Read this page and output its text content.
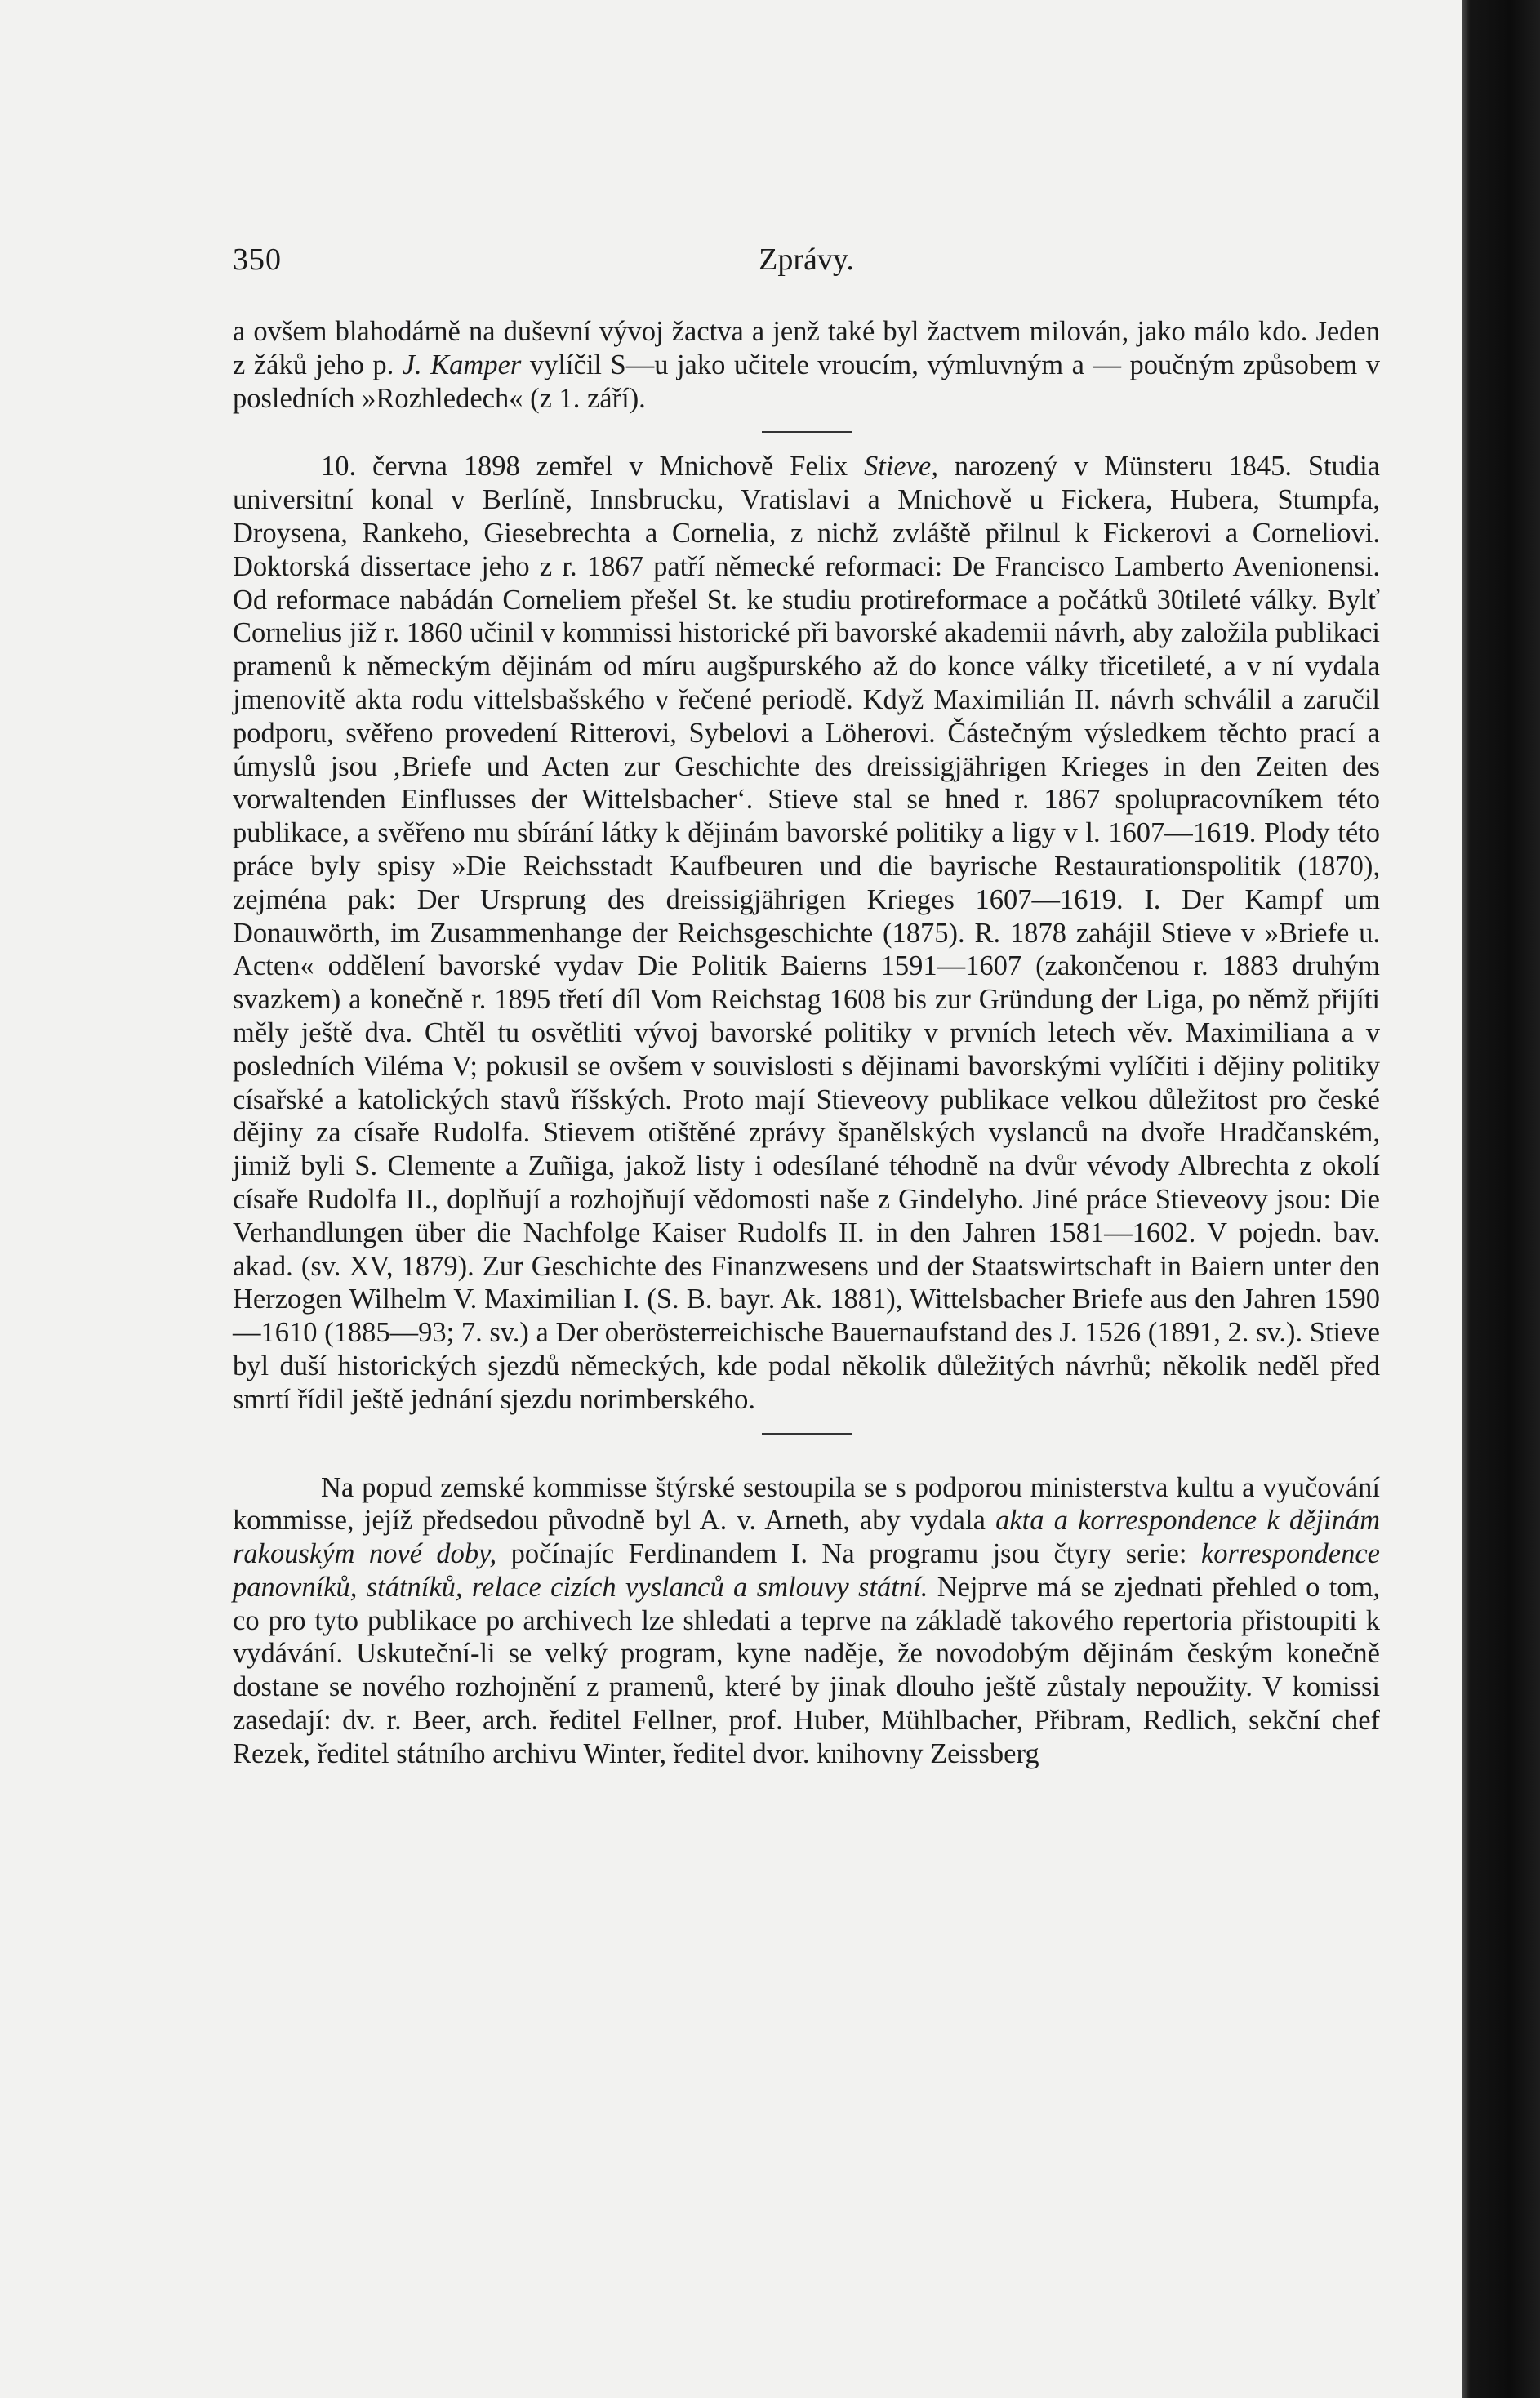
350	Zprávy.

a ovšem blahodárně na duševní vývoj žactva a jenž také byl žactvem milován, jako málo kdo. Jeden z žáků jeho p. J. Kamper vylíčil S—u jako učitele vroucím, výmluvným a — poučným způsobem v posledních »Rozhledech« (z 1. září).

10. června 1898 zemřel v Mnichově Felix Stieve, narozený v Münsteru 1845. Studia universitní konal v Berlíně, Innsbrucku, Vratislavi a Mnichově u Fickera, Hubera, Stumpfa, Droysena, Rankeho, Giesebrechta a Cornelia, z nichž zvláště přilnul k Fickerovi a Corneliovi. Doktorská dissertace jeho z r. 1867 patří německé reformaci: De Francisco Lamberto Avenionensi. Od reformace nabádán Corneliem přešel St. ke studiu protireformace a počátků 30tileté války. Bylť Cornelius již r. 1860 učinil v kommissi historické při bavorské akademii návrh, aby založila publikaci pramenů k německým dějinám od míru augšpurského až do konce války třicetileté, a v ní vydala jmenovitě akta rodu vittelsbašského v řečené periodě. Když Maximilián II. návrh schválil a zaručil podporu, svěřeno provedení Ritterovi, Sybelovi a Löherovi. Částečným výsledkem těchto prací a úmyslů jsou ‚Briefe und Acten zur Geschichte des dreissigjährigen Krieges in den Zeiten des vorwaltenden Einflusses der Wittelsbacher‘. Stieve stal se hned r. 1867 spolupracovníkem této publikace, a svěřeno mu sbírání látky k dějinám bavorské politiky a ligy v l. 1607—1619. Plody této práce byly spisy »Die Reichsstadt Kaufbeuren und die bayrische Restaurationspolitik (1870), zejména pak: Der Ursprung des dreissigjährigen Krieges 1607—1619. I. Der Kampf um Donauwörth, im Zusammenhange der Reichsgeschichte (1875). R. 1878 zahájil Stieve v »Briefe u. Acten« oddělení bavorské vydav Die Politik Baierns 1591—1607 (zakončenou r. 1883 druhým svazkem) a konečně r. 1895 třetí díl Vom Reichstag 1608 bis zur Gründung der Liga, po němž přijíti měly ještě dva. Chtěl tu osvětliti vývoj bavorské politiky v prvních letech věv. Maximiliana a v posledních Viléma V; pokusil se ovšem v souvislosti s dějinami bavorskými vylíčiti i dějiny politiky císařské a katolických stavů říšských. Proto mají Stieveovy publikace velkou důležitost pro české dějiny za císaře Rudolfa. Stievem otištěné zprávy španělských vyslanců na dvoře Hradčanském, jimiž byli S. Clemente a Zuñiga, jakož listy i odesílané téhodně na dvůr vévody Albrechta z okolí císaře Rudolfa II., doplňují a rozhojňují vědomosti naše z Gindelyho. Jiné práce Stieveovy jsou: Die Verhandlungen über die Nachfolge Kaiser Rudolfs II. in den Jahren 1581—1602. V pojedn. bav. akad. (sv. XV, 1879). Zur Geschichte des Finanzwesens und der Staatswirtschaft in Baiern unter den Herzogen Wilhelm V. Maximilian I. (S. B. bayr. Ak. 1881), Wittelsbacher Briefe aus den Jahren 1590—1610 (1885—93; 7. sv.) a Der oberösterreichische Bauernaufstand des J. 1526 (1891, 2. sv.). Stieve byl duší historických sjezdů německých, kde podal několik důležitých návrhů; několik neděl před smrtí řídil ještě jednání sjezdu norimberského.

Na popud zemské kommisse štýrské sestoupila se s podporou ministerstva kultu a vyučování kommisse, jejíž předsedou původně byl A. v. Arneth, aby vydala akta a korrespondence k dějinám rakouským nové doby, počínajíc Ferdinandem I. Na programu jsou čtyry serie: korrespondence panovníků, státníků, relace cizích vyslanců a smlouvy státní. Nejprve má se zjednati přehled o tom, co pro tyto publikace po archivech lze shledati a teprve na základě takového repertoria přistoupiti k vydávání. Uskuteční-li se velký program, kyne naděje, že novodobým dějinám českým konečně dostane se nového rozhojnění z pramenů, které by jinak dlouho ještě zůstaly nepoužity. V komissi zasedají: dv. r. Beer, arch. ředitel Fellner, prof. Huber, Mühlbacher, Přibram, Redlich, sekční chef Rezek, ředitel státního archivu Winter, ředitel dvor. knihovny Zeissberg
